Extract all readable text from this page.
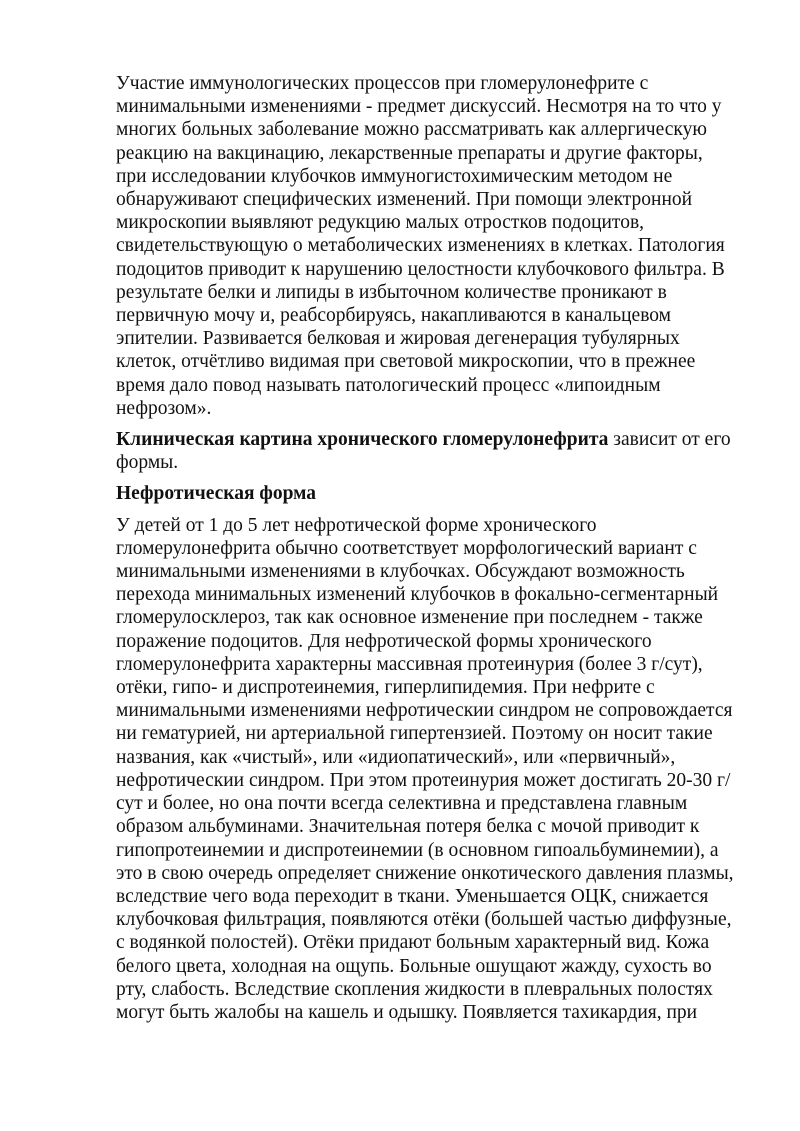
Участие иммунологических процессов при гломерулонефрите с минимальными изменениями - предмет дискуссий. Несмотря на то что у многих больных заболевание можно рассматривать как аллергическую реакцию на вакцинацию, лекарственные препараты и другие факторы, при исследовании клубочков иммуногистохимическим методом не обнаруживают специфических изменений. При помощи электронной микроскопии выявляют редукцию малых отростков подоцитов, свидетельствующую о метаболических изменениях в клетках. Патология подоцитов приводит к нарушению целостности клубочкового фильтра. В результате белки и липиды в избыточном количестве проникают в первичную мочу и, реабсорбируясь, накапливаются в канальцевом эпителии. Развивается белковая и жировая дегенерация тубулярных клеток, отчётливо видимая при световой микроскопии, что в прежнее время дало повод называть патологический процесс «липоидным нефрозом».

Клиническая картина хронического гломерулонефрита зависит от его формы.

Нефротическая форма

У детей от 1 до 5 лет нефротической форме хронического гломерулонефрита обычно соответствует морфологический вариант с минимальными изменениями в клубочках. Обсуждают возможность перехода минимальных изменений клубочков в фокально-сегментарный гломерулосклероз, так как основное изменение при последнем - также поражение подоцитов. Для нефротической формы хронического гломерулонефрита характерны массивная протеинурия (более 3 г/сут), отёки, гипо- и диспротеинемия, гиперлипидемия. При нефрите с минимальными изменениями нефротическии синдром не сопровождается ни гематурией, ни артериальной гипертензией. Поэтому он носит такие названия, как «чистый», или «идиопатический», или «первичный», нефротическии синдром. При этом протеинурия может достигать 20-30 г/сут и более, но она почти всегда селективна и представлена главным образом альбуминами. Значительная потеря белка с мочой приводит к гипопротеинемии и диспротеинемии (в основном гипоальбуминемии), а это в свою очередь определяет снижение онкотического давления плазмы, вследствие чего вода переходит в ткани. Уменьшается ОЦК, снижается клубочковая фильтрация, появляются отёки (большей частью диффузные, с водянкой полостей). Отёки придают больным характерный вид. Кожа белого цвета, холодная на ощупь. Больные ошущают жажду, сухость во рту, слабость. Вследствие скопления жидкости в плевральных полостях могут быть жалобы на кашель и одышку. Появляется тахикардия, при
